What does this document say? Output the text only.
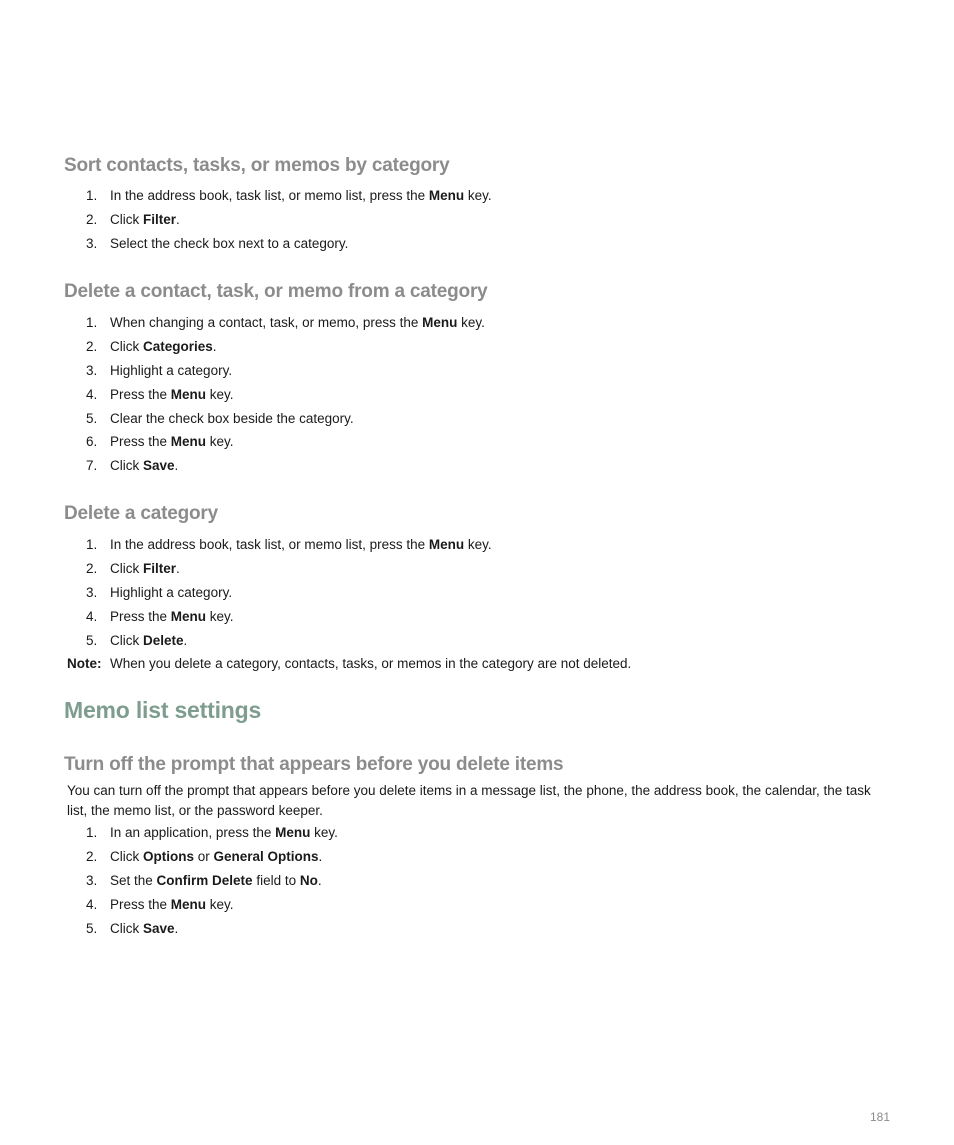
Sort contacts, tasks, or memos by category
1. In the address book, task list, or memo list, press the Menu key.
2. Click Filter.
3. Select the check box next to a category.
Delete a contact, task, or memo from a category
1. When changing a contact, task, or memo, press the Menu key.
2. Click Categories.
3. Highlight a category.
4. Press the Menu key.
5. Clear the check box beside the category.
6. Press the Menu key.
7. Click Save.
Delete a category
1. In the address book, task list, or memo list, press the Menu key.
2. Click Filter.
3. Highlight a category.
4. Press the Menu key.
5. Click Delete.
Note: When you delete a category, contacts, tasks, or memos in the category are not deleted.
Memo list settings
Turn off the prompt that appears before you delete items

You can turn off the prompt that appears before you delete items in a message list, the phone, the address book, the calendar, the task list, the memo list, or the password keeper.

1. In an application, press the Menu key.
2. Click Options or General Options.
3. Set the Confirm Delete field to No.
4. Press the Menu key.
5. Click Save.
181
